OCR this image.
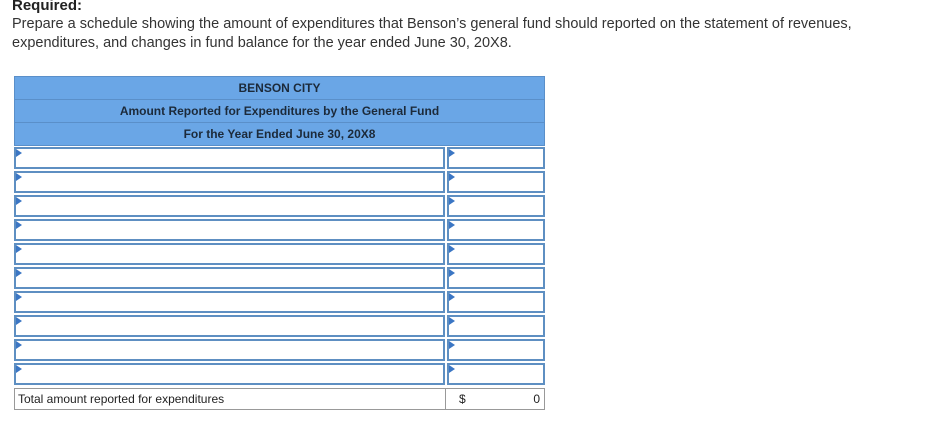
Required:
Prepare a schedule showing the amount of expenditures that Benson’s general fund should reported on the statement of revenues, expenditures, and changes in fund balance for the year ended June 30, 20X8.
BENSON CITY
Amount Reported for Expenditures by the General Fund
For the Year Ended June 30, 20X8
Total amount reported for expenditures	$	0
